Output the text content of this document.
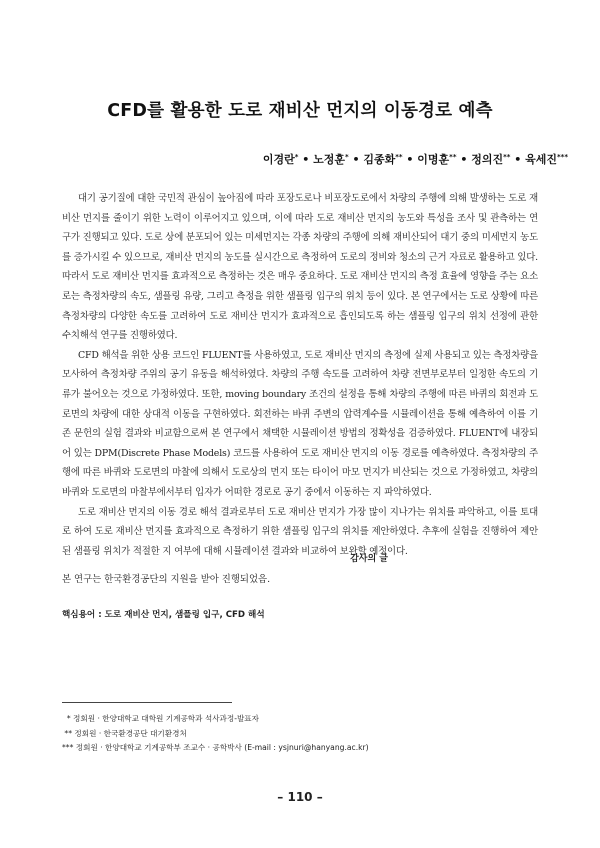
CFD를 활용한 도로 재비산 먼지의 이동경로 예측
이경란* • 노정훈* • 김종화** • 이명훈** • 정의진** • 육세진***

대기 공기질에 대한 국민적 관심이 높아짐에 따라 포장도로나 비포장도로에서 차량의 주행에 의해 발생하는 도로 재비산 먼지를 줄이기 위한 노력이 이루어지고 있으며, 이에 따라 도로 재비산 먼지의 농도와 특성을 조사 및 관측하는 연구가 진행되고 있다. 도로 상에 분포되어 있는 미세먼지는 각종 차량의 주행에 의해 재비산되어 대기 중의 미세먼지 농도를 증가시킬 수 있으므로, 재비산 먼지의 농도를 실시간으로 측정하여 도로의 정비와 청소의 근거 자료로 활용하고 있다. 따라서 도로 재비산 먼지를 효과적으로 측정하는 것은 매우 중요하다. 도로 재비산 먼지의 측정 효율에 영향을 주는 요소로는 측정차량의 속도, 샘플링 유량, 그리고 측정을 위한 샘플링 입구의 위치 등이 있다. 본 연구에서는 도로 상황에 따른 측정차량의 다양한 속도를 고려하여 도로 재비산 먼지가 효과적으로 흡인되도록 하는 샘플링 입구의 위치 선정에 관한 수치해석 연구를 진행하였다.

CFD 해석을 위한 상용 코드인 FLUENT를 사용하였고, 도로 재비산 먼지의 측정에 실제 사용되고 있는 측정차량을 모사하여 측정차량 주위의 공기 유동을 해석하였다. 차량의 주행 속도를 고려하여 차량 전면부로부터 일정한 속도의 기류가 불어오는 것으로 가정하였다. 또한, moving boundary 조건의 설정을 통해 차량의 주행에 따른 바퀴의 회전과 도로면의 차량에 대한 상대적 이동을 구현하였다. 회전하는 바퀴 주변의 압력계수를 시뮬레이션을 통해 예측하여 이를 기존 문헌의 실험 결과와 비교함으로써 본 연구에서 채택한 시뮬레이션 방법의 정확성을 검증하였다. FLUENT에 내장되어 있는 DPM(Discrete Phase Models) 코드를 사용하여 도로 재비산 먼지의 이동 경로를 예측하였다. 측정차량의 주행에 따른 바퀴와 도로면의 마찰에 의해서 도로상의 먼지 또는 타이어 마모 먼지가 비산되는 것으로 가정하였고, 차량의 바퀴와 도로면의 마찰부에서부터 입자가 어떠한 경로로 공기 중에서 이동하는 지 파악하였다.

도로 재비산 먼지의 이동 경로 해석 결과로부터 도로 재비산 먼지가 가장 많이 지나가는 위치를 파악하고, 이를 토대로 하여 도로 재비산 먼지를 효과적으로 측정하기 위한 샘플링 입구의 위치를 제안하였다. 추후에 실험을 진행하여 제안된 샘플링 위치가 적절한 지 여부에 대해 시뮬레이션 결과와 비교하여 보완할 예정이다.

감사의 글
본 연구는 한국환경공단의 지원을 받아 진행되었음.
핵심용어 : 도로 재비산 먼지, 샘플링 입구, CFD 해석
* 정회원 · 한양대학교 대학원 기계공학과 석사과정-발표자
** 정회원 · 한국환경공단 대기환경처
*** 정회원 · 한양대학교 기계공학부 조교수 · 공학박사 (E-mail : ysjnuri@hanyang.ac.kr)
– 110 –
